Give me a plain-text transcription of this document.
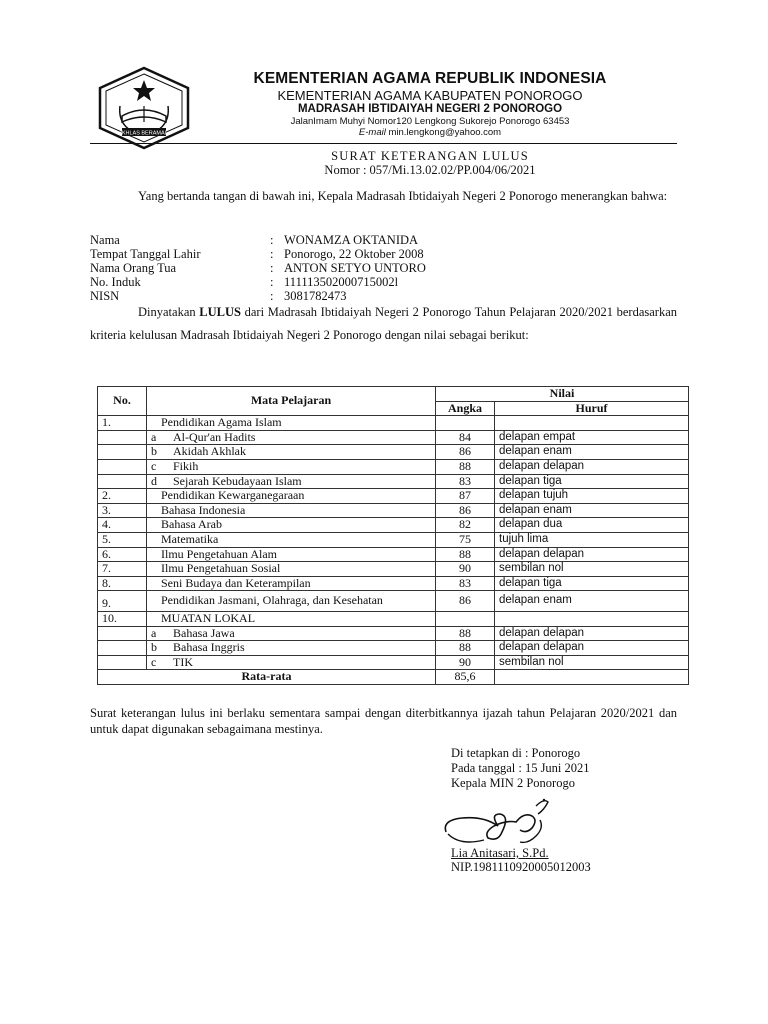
IKHLAS BERAMAL
KEMENTERIAN AGAMA REPUBLIK INDONESIA
KEMENTERIAN AGAMA KABUPATEN PONOROGO
MADRASAH IBTIDAIYAH NEGERI 2 PONOROGO
JalanImam Muhyi Nomor120 Lengkong Sukorejo Ponorogo 63453
E-mail min.lengkong@yahoo.com
SURAT KETERANGAN LULUS
Nomor : 057/Mi.13.02.02/PP.004/06/2021
Yang bertanda tangan di bawah ini, Kepala Madrasah Ibtidaiyah Negeri 2 Ponorogo menerangkan bahwa:
Nama	: WONAMZA OKTANIDA
Tempat Tanggal Lahir	: Ponorogo, 22 Oktober 2008
Nama Orang Tua	: ANTON SETYO UNTORO
No. Induk	: 111113502000715002l
NISN	: 3081782473
Dinyatakan LULUS dari Madrasah Ibtidaiyah Negeri 2 Ponorogo Tahun Pelajaran 2020/2021 berdasarkan kriteria kelulusan Madrasah Ibtidaiyah Negeri 2 Ponorogo dengan nilai sebagai berikut:
No.	Mata Pelajaran	Nilai	
		Angka	Huruf
1.	Pendidikan Agama Islam		
	a Al-Qur'an Hadits	84	delapan empat
	b Akidah Akhlak	86	delapan enam
	c Fikih	88	delapan delapan
	d Sejarah Kebudayaan Islam	83	delapan tiga
2.	Pendidikan Kewarganegaraan	87	delapan tujuh
3.	Bahasa Indonesia	86	delapan enam
4.	Bahasa Arab	82	delapan dua
5.	Matematika	75	tujuh lima
6.	Ilmu Pengetahuan Alam	88	delapan delapan
7.	Ilmu Pengetahuan Sosial	90	sembilan nol
8.	Seni Budaya dan Keterampilan	83	delapan tiga
9.	Pendidikan Jasmani, Olahraga, dan Kesehatan	86	delapan enam
10.	MUATAN LOKAL		
	a Bahasa Jawa	88	delapan delapan
	b Bahasa Inggris	88	delapan delapan
	c TIK	90	sembilan nol
Rata-rata		85,6	
Surat keterangan lulus ini berlaku sementara sampai dengan diterbitkannya ijazah tahun Pelajaran 2020/2021 dan untuk dapat digunakan sebagaimana mestinya.
Di tetapkan di : Ponorogo
Pada tanggal : 15 Juni 2021
Kepala MIN 2 Ponorogo
Lia Anitasari, S.Pd.
NIP.198111092000501200З
